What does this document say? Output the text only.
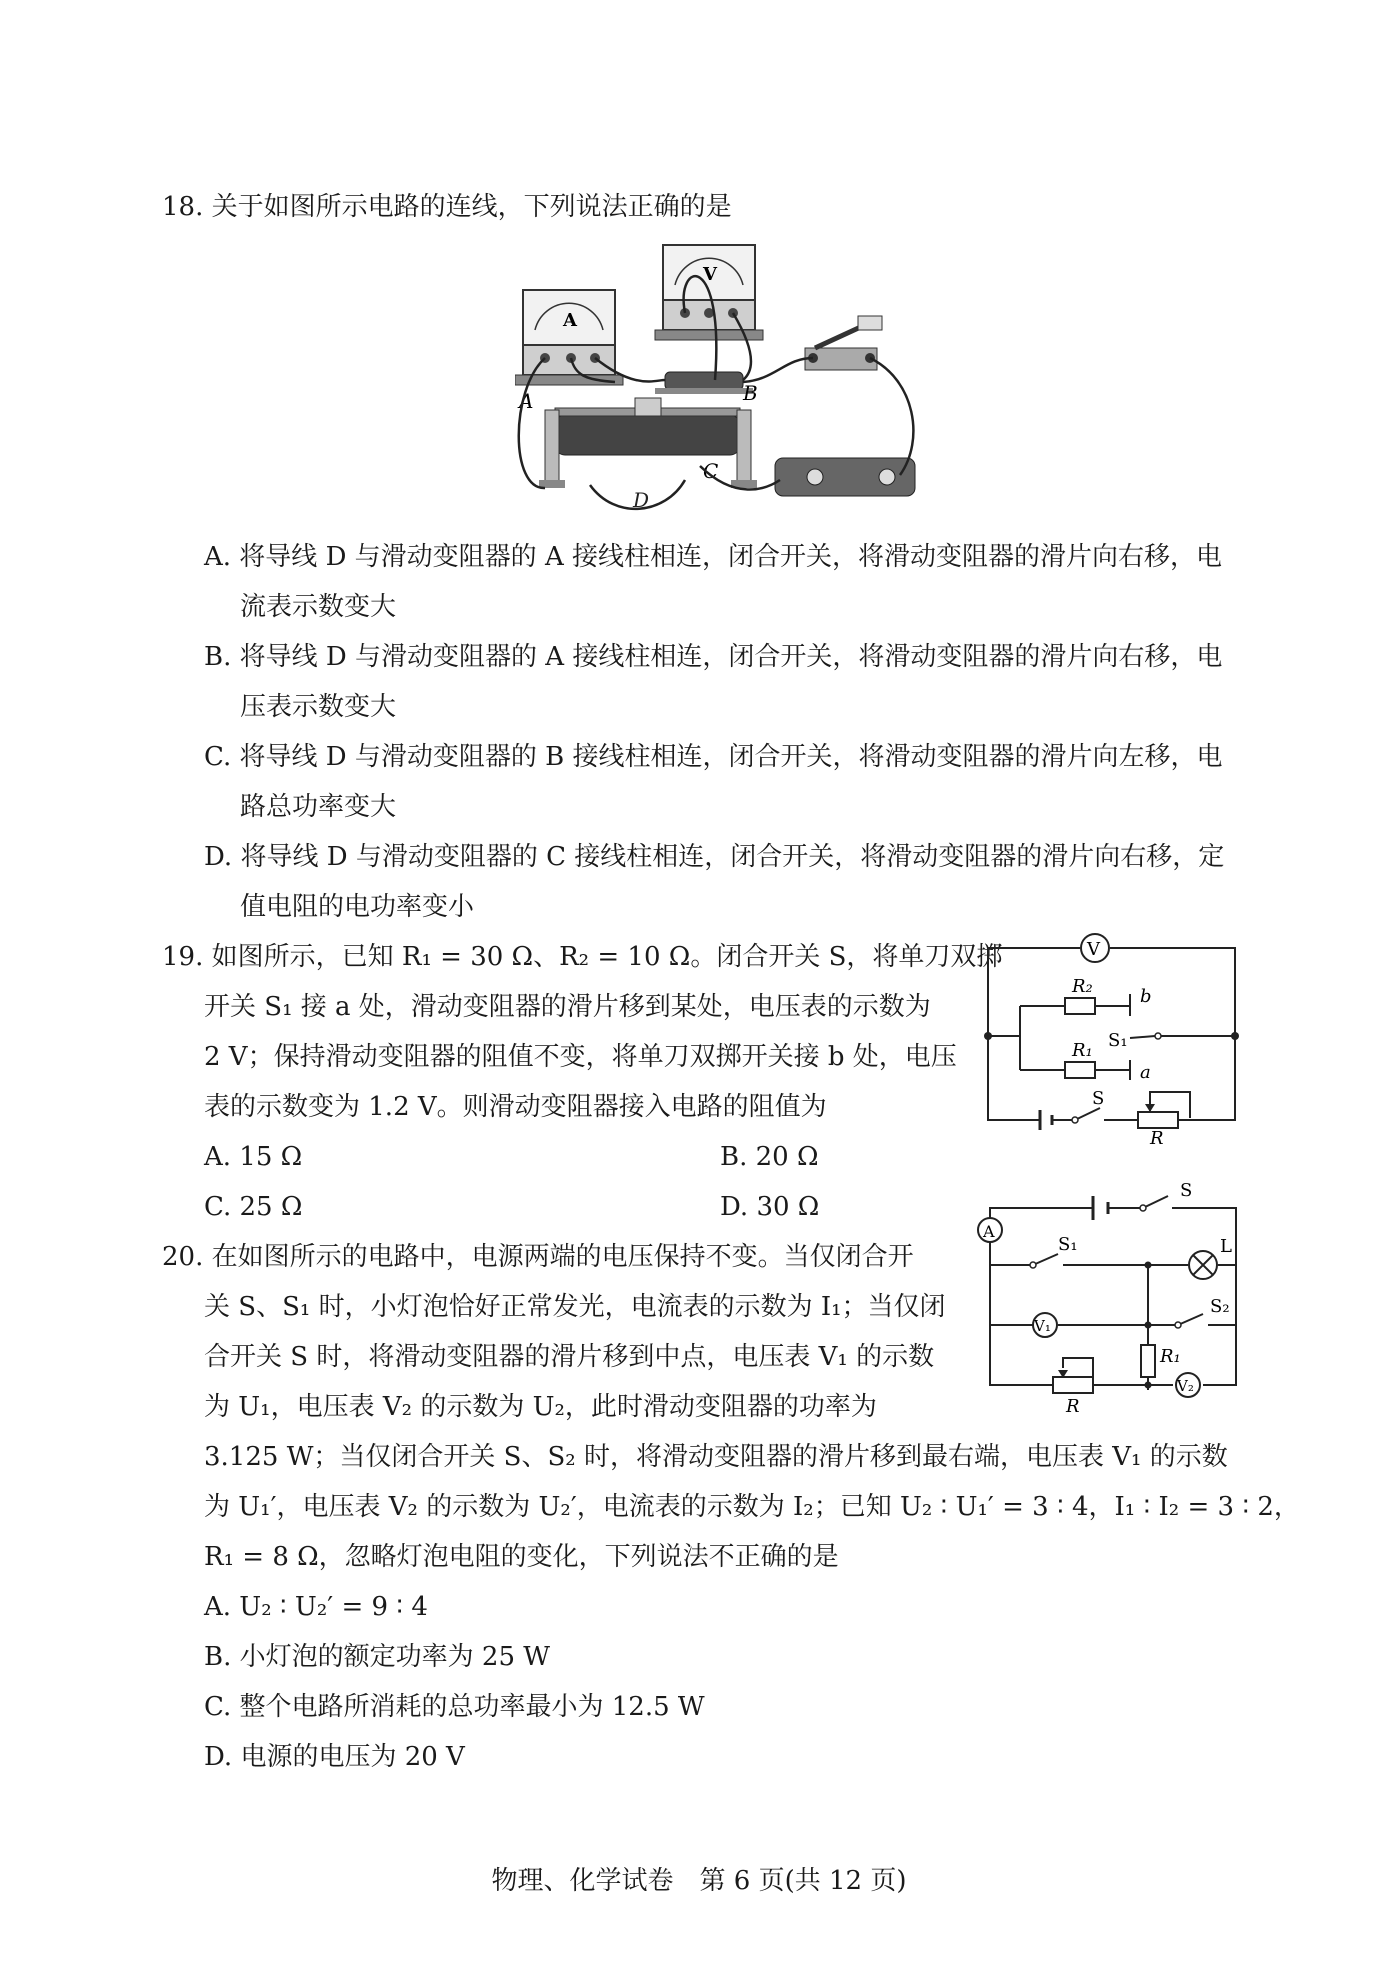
18. 关于如图所示电路的连线，下列说法正确的是
A
V
A	B
C
D
A. 将导线 D 与滑动变阻器的 A 接线柱相连，闭合开关，将滑动变阻器的滑片向右移，电
流表示数变大
B. 将导线 D 与滑动变阻器的 A 接线柱相连，闭合开关，将滑动变阻器的滑片向右移，电
压表示数变大
C. 将导线 D 与滑动变阻器的 B 接线柱相连，闭合开关，将滑动变阻器的滑片向左移，电
路总功率变大
D. 将导线 D 与滑动变阻器的 C 接线柱相连，闭合开关，将滑动变阻器的滑片向右移，定
值电阻的电功率变小
19. 如图所示，已知 R₁ = 30 Ω、R₂ = 10 Ω。闭合开关 S，将单刀双掷
开关 S₁ 接 a 处，滑动变阻器的滑片移到某处，电压表的示数为
2 V；保持滑动变阻器的阻值不变，将单刀双掷开关接 b 处，电压
表的示数变为 1.2 V。则滑动变阻器接入电路的阻值为
A. 15 Ω	B. 20 Ω
C. 25 Ω	D. 30 Ω
V
R₂
R₁
b
a
S₁
S
R
20. 在如图所示的电路中，电源两端的电压保持不变。当仅闭合开
关 S、S₁ 时，小灯泡恰好正常发光，电流表的示数为 I₁；当仅闭
合开关 S 时，将滑动变阻器的滑片移到中点，电压表 V₁ 的示数
为 U₁，电压表 V₂ 的示数为 U₂，此时滑动变阻器的功率为
3.125 W；当仅闭合开关 S、S₂ 时，将滑动变阻器的滑片移到最右端，电压表 V₁ 的示数
为 U₁′，电压表 V₂ 的示数为 U₂′，电流表的示数为 I₂；已知 U₂ ∶ U₁′ = 3 ∶ 4，I₁ ∶ I₂ = 3 ∶ 2，
R₁ = 8 Ω，忽略灯泡电阻的变化，下列说法不正确的是
A. U₂ ∶ U₂′ = 9 ∶ 4
B. 小灯泡的额定功率为 25 W
C. 整个电路所消耗的总功率最小为 12.5 W
D. 电源的电压为 20 V
A
V₁
V₂
S
S₁	L
S₂
R₁
R
物理、化学试卷　第 6 页(共 12 页)
